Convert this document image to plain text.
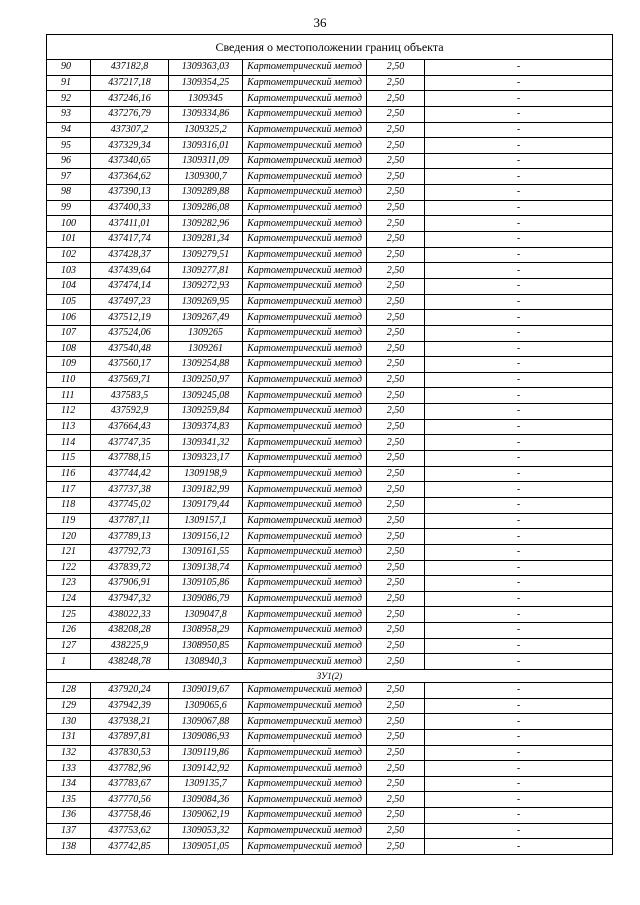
36
Сведения о местоположении границ объекта					
90	437182,8	1309363,03	Картометрический метод	2,50	-
91	437217,18	1309354,25	Картометрический метод	2,50	-
92	437246,16	1309345	Картометрический метод	2,50	-
93	437276,79	1309334,86	Картометрический метод	2,50	-
94	437307,2	1309325,2	Картометрический метод	2,50	-
95	437329,34	1309316,01	Картометрический метод	2,50	-
96	437340,65	1309311,09	Картометрический метод	2,50	-
97	437364,62	1309300,7	Картометрический метод	2,50	-
98	437390,13	1309289,88	Картометрический метод	2,50	-
99	437400,33	1309286,08	Картометрический метод	2,50	-
100	437411,01	1309282,96	Картометрический метод	2,50	-
101	437417,74	1309281,34	Картометрический метод	2,50	-
102	437428,37	1309279,51	Картометрический метод	2,50	-
103	437439,64	1309277,81	Картометрический метод	2,50	-
104	437474,14	1309272,93	Картометрический метод	2,50	-
105	437497,23	1309269,95	Картометрический метод	2,50	-
106	437512,19	1309267,49	Картометрический метод	2,50	-
107	437524,06	1309265	Картометрический метод	2,50	-
108	437540,48	1309261	Картометрический метод	2,50	-
109	437560,17	1309254,88	Картометрический метод	2,50	-
110	437569,71	1309250,97	Картометрический метод	2,50	-
111	437583,5	1309245,08	Картометрический метод	2,50	-
112	437592,9	1309259,84	Картометрический метод	2,50	-
113	437664,43	1309374,83	Картометрический метод	2,50	-
114	437747,35	1309341,32	Картометрический метод	2,50	-
115	437788,15	1309323,17	Картометрический метод	2,50	-
116	437744,42	1309198,9	Картометрический метод	2,50	-
117	437737,38	1309182,99	Картометрический метод	2,50	-
118	437745,02	1309179,44	Картометрический метод	2,50	-
119	437787,11	1309157,1	Картометрический метод	2,50	-
120	437789,13	1309156,12	Картометрический метод	2,50	-
121	437792,73	1309161,55	Картометрический метод	2,50	-
122	437839,72	1309138,74	Картометрический метод	2,50	-
123	437906,91	1309105,86	Картометрический метод	2,50	-
124	437947,32	1309086,79	Картометрический метод	2,50	-
125	438022,33	1309047,8	Картометрический метод	2,50	-
126	438208,28	1308958,29	Картометрический метод	2,50	-
127	438225,9	1308950,85	Картометрический метод	2,50	-
1	438248,78	1308940,3	Картометрический метод	2,50	-
ЗУ1(2)					
128	437920,24	1309019,67	Картометрический метод	2,50	-
129	437942,39	1309065,6	Картометрический метод	2,50	-
130	437938,21	1309067,88	Картометрический метод	2,50	-
131	437897,81	1309086,93	Картометрический метод	2,50	-
132	437830,53	1309119,86	Картометрический метод	2,50	-
133	437782,96	1309142,92	Картометрический метод	2,50	-
134	437783,67	1309135,7	Картометрический метод	2,50	-
135	437770,56	1309084,36	Картометрический метод	2,50	-
136	437758,46	1309062,19	Картометрический метод	2,50	-
137	437753,62	1309053,32	Картометрический метод	2,50	-
138	437742,85	1309051,05	Картометрический метод	2,50	-
